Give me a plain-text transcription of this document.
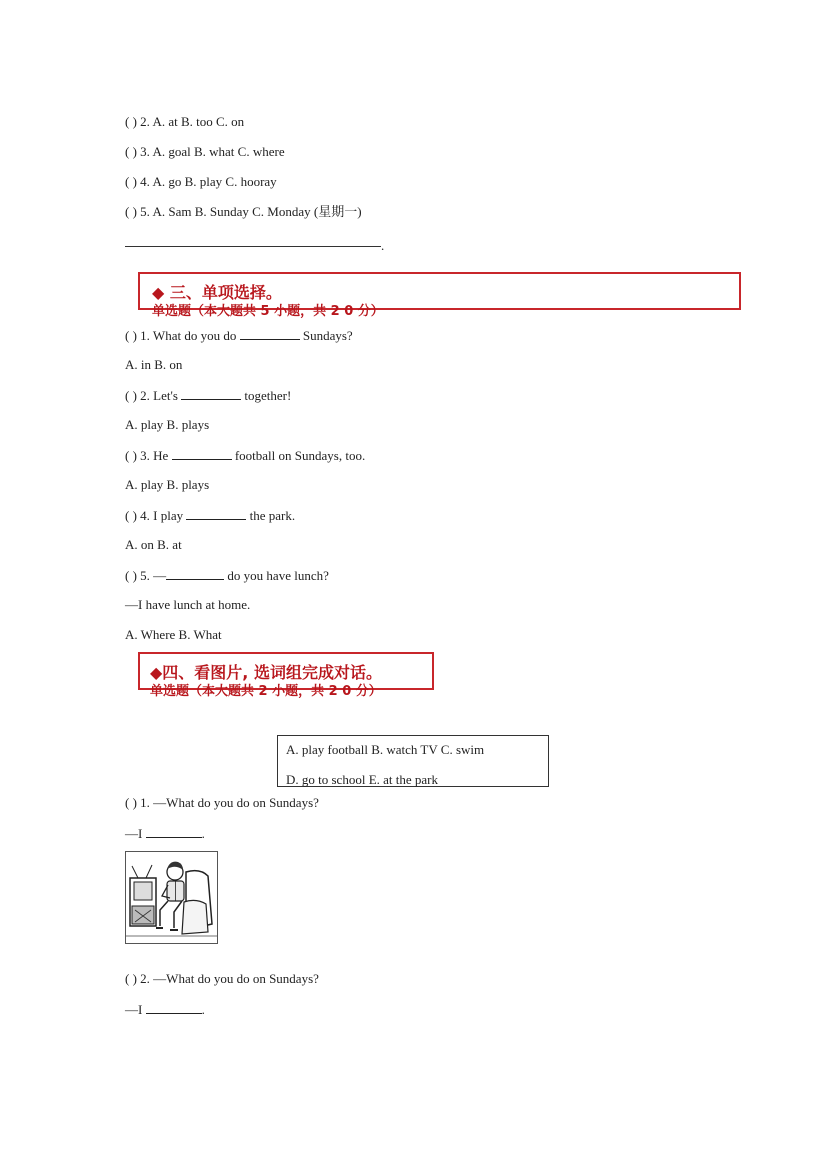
( ) 2. A. at B. too C. on
( ) 3. A. goal B. what C. where
( ) 4. A. go B. play C. hooray
( ) 5. A. Sam B. Sunday C. Monday (星期一)
.
◆ 三、单项选择。
单选题（本大题共 5 小题，共 2 0 分）
( ) 1. What do you do	Sundays?
A. in B. on
( ) 2. Let's	together!
A. play B. plays
( ) 3. He	football on Sundays, too.
A. play B. plays
( ) 4. I play	the park.
A. on B. at
( ) 5. —	do you have lunch?
—I have lunch at home.
A. Where B. What
◆四、看图片, 选词组完成对话。
单选题（本大题共 2 小题，共 2 0 分）
A. play football B. watch TV C. swim
D. go to school E. at the park
( ) 1. —What do you do on Sundays?
—I	.
( ) 2. —What do you do on Sundays?
—I	.
